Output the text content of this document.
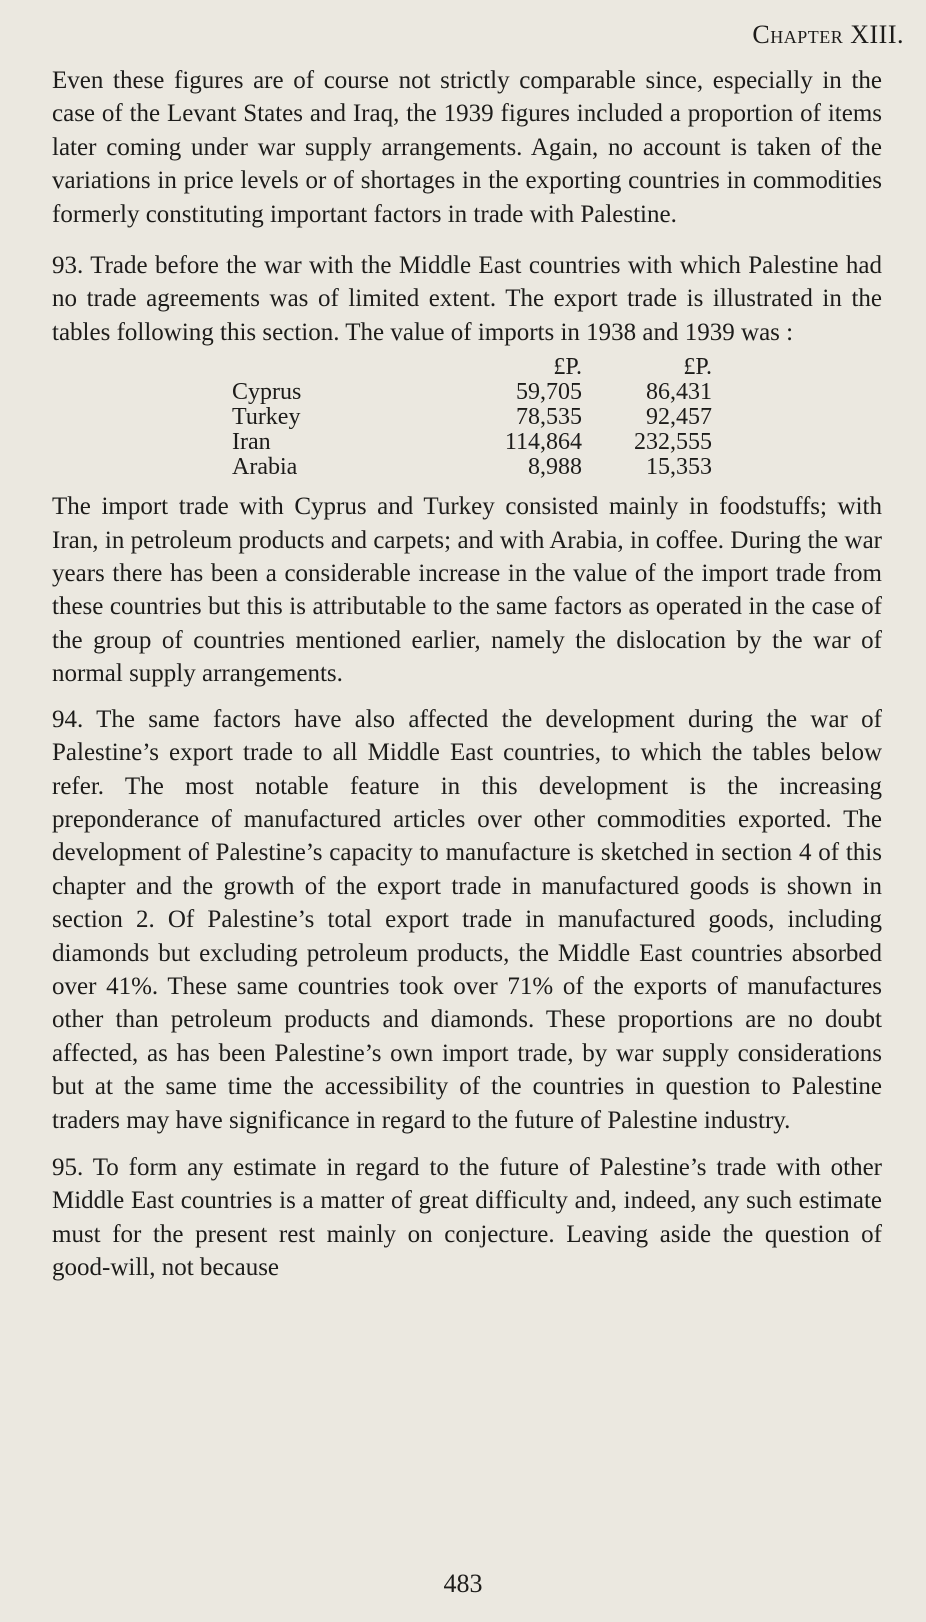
Chapter XIII.

Even these figures are of course not strictly comparable since, especially in the case of the Levant States and Iraq, the 1939 figures included a proportion of items later coming under war supply arrangements. Again, no account is taken of the variations in price levels or of shortages in the exporting countries in commodities formerly constituting important factors in trade with Palestine.

93. Trade before the war with the Middle East countries with which Palestine had no trade agreements was of limited extent. The export trade is illustrated in the tables following this section. The value of imports in 1938 and 1939 was :

	£P.	£P.
Cyprus	59,705	86,431
Turkey	78,535	92,457
Iran	114,864	232,555
Arabia	8,988	15,353

The import trade with Cyprus and Turkey consisted mainly in foodstuffs; with Iran, in petroleum products and carpets; and with Arabia, in coffee. During the war years there has been a considerable increase in the value of the import trade from these countries but this is attributable to the same factors as operated in the case of the group of countries mentioned earlier, namely the dislocation by the war of normal supply arrangements.

94. The same factors have also affected the development during the war of Palestine’s export trade to all Middle East countries, to which the tables below refer. The most notable feature in this development is the increasing preponderance of manufactured articles over other commodities exported. The development of Palestine’s capacity to manufacture is sketched in section 4 of this chapter and the growth of the export trade in manufactured goods is shown in section 2. Of Palestine’s total export trade in manufactured goods, including diamonds but excluding petroleum products, the Middle East countries absorbed over 41%. These same countries took over 71% of the exports of manufactures other than petroleum products and diamonds. These proportions are no doubt affected, as has been Palestine’s own import trade, by war supply considerations but at the same time the accessibility of the countries in question to Palestine traders may have significance in regard to the future of Palestine industry.

95. To form any estimate in regard to the future of Palestine’s trade with other Middle East countries is a matter of great difficulty and, indeed, any such estimate must for the present rest mainly on conjecture. Leaving aside the question of good-will, not because

483
